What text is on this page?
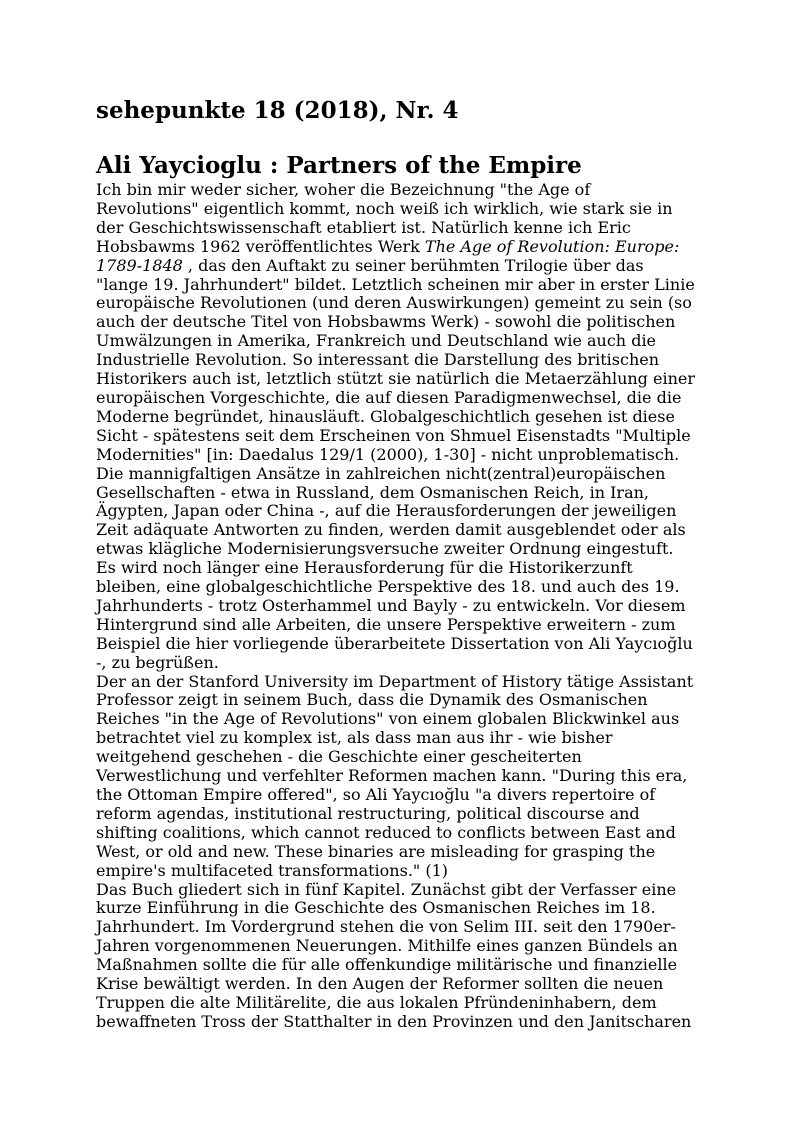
sehepunkte 18 (2018), Nr. 4
Ali Yaycioglu : Partners of the Empire

Ich bin mir weder sicher, woher die Bezeichnung "the Age of
Revolutions" eigentlich kommt, noch weiß ich wirklich, wie stark sie in
der Geschichtswissenschaft etabliert ist. Natürlich kenne ich Eric
Hobsbawms 1962 veröffentlichtes Werk The Age of Revolution: Europe:
1789-1848 , das den Auftakt zu seiner berühmten Trilogie über das
"lange 19. Jahrhundert" bildet. Letztlich scheinen mir aber in erster Linie
europäische Revolutionen (und deren Auswirkungen) gemeint zu sein (so
auch der deutsche Titel von Hobsbawms Werk) - sowohl die politischen
Umwälzungen in Amerika, Frankreich und Deutschland wie auch die
Industrielle Revolution. So interessant die Darstellung des britischen
Historikers auch ist, letztlich stützt sie natürlich die Metaerzählung einer
europäischen Vorgeschichte, die auf diesen Paradigmenwechsel, die die
Moderne begründet, hinausläuft. Globalgeschichtlich gesehen ist diese
Sicht - spätestens seit dem Erscheinen von Shmuel Eisenstadts "Multiple
Modernities" [in: Daedalus 129/1 (2000), 1-30] - nicht unproblematisch.
Die mannigfaltigen Ansätze in zahlreichen nicht(zentral)europäischen
Gesellschaften - etwa in Russland, dem Osmanischen Reich, in Iran,
Ägypten, Japan oder China -, auf die Herausforderungen der jeweiligen
Zeit adäquate Antworten zu finden, werden damit ausgeblendet oder als
etwas klägliche Modernisierungsversuche zweiter Ordnung eingestuft.
Es wird noch länger eine Herausforderung für die Historikerzunft
bleiben, eine globalgeschichtliche Perspektive des 18. und auch des 19.
Jahrhunderts - trotz Osterhammel und Bayly - zu entwickeln. Vor diesem
Hintergrund sind alle Arbeiten, die unsere Perspektive erweitern - zum
Beispiel die hier vorliegende überarbeitete Dissertation von Ali Yaycıoğlu
-, zu begrüßen.

Der an der Stanford University im Department of History tätige Assistant
Professor zeigt in seinem Buch, dass die Dynamik des Osmanischen
Reiches "in the Age of Revolutions" von einem globalen Blickwinkel aus
betrachtet viel zu komplex ist, als dass man aus ihr - wie bisher
weitgehend geschehen - die Geschichte einer gescheiterten
Verwestlichung und verfehlter Reformen machen kann. "During this era,
the Ottoman Empire offered", so Ali Yaycıoğlu "a divers repertoire of
reform agendas, institutional restructuring, political discourse and
shifting coalitions, which cannot reduced to conflicts between East and
West, or old and new. These binaries are misleading for grasping the
empire's multifaceted transformations." (1)

Das Buch gliedert sich in fünf Kapitel. Zunächst gibt der Verfasser eine
kurze Einführung in die Geschichte des Osmanischen Reiches im 18.
Jahrhundert. Im Vordergrund stehen die von Selim III. seit den 1790er-
Jahren vorgenommenen Neuerungen. Mithilfe eines ganzen Bündels an
Maßnahmen sollte die für alle offenkundige militärische und finanzielle
Krise bewältigt werden. In den Augen der Reformer sollten die neuen
Truppen die alte Militärelite, die aus lokalen Pfründeninhabern, dem
bewaffneten Tross der Statthalter in den Provinzen und den Janitscharen
